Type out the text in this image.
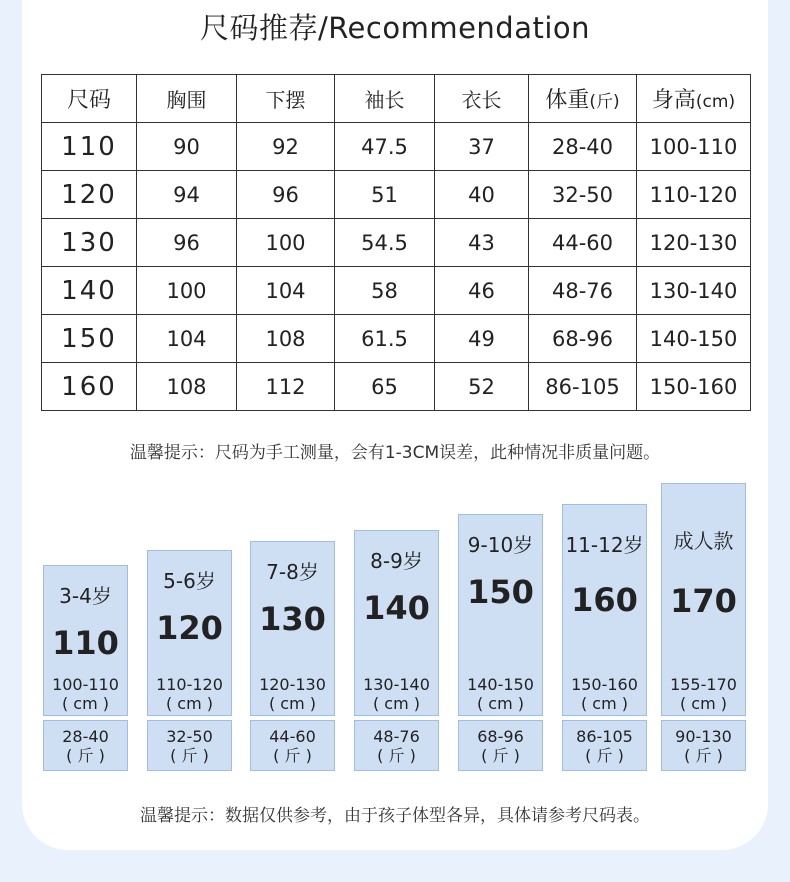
尺码推荐/Recommendation
尺码	胸围	下摆	袖长	衣长	体重(斤)	身高(cm)
110	90	92	47.5	37	28-40	100-110
120	94	96	51	40	32-50	110-120
130	96	100	54.5	43	44-60	120-130
140	100	104	58	46	48-76	130-140
150	104	108	61.5	49	68-96	140-150
160	108	112	65	52	86-105	150-160
温馨提示：尺码为手工测量，会有1-3CM误差，此种情况非质量问题。
3-4岁
110
100-110
( cm )
28-40
( 斤 )
5-6岁
120
110-120
( cm )
32-50
( 斤 )
7-8岁
130
120-130
( cm )
44-60
( 斤 )
8-9岁
140
130-140
( cm )
48-76
( 斤 )
9-10岁
150
140-150
( cm )
68-96
( 斤 )
11-12岁
160
150-160
( cm )
86-105
( 斤 )
成人款
170
155-170
( cm )
90-130
( 斤 )
温馨提示：数据仅供参考，由于孩子体型各异，具体请参考尺码表。
